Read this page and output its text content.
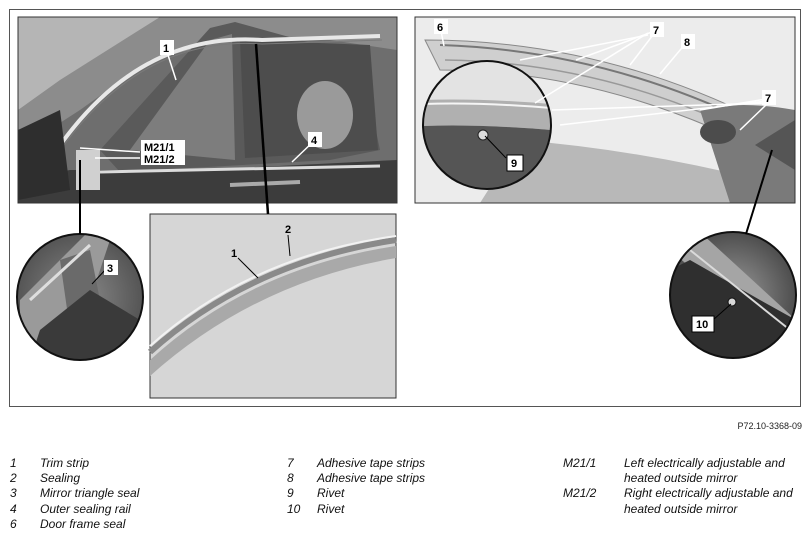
1
4
M21/1
M21/2
3
1
2
6	7
8
7
9
10
P72.10-3368-09
1	Trim strip
2	Sealing
3	Mirror triangle seal
4	Outer sealing rail
6	Door frame seal
7	Adhesive tape strips
8	Adhesive tape strips
9	Rivet
10	Rivet
M21/1	Left electrically adjustable and heated outside mirror
M21/2	Right electrically adjustable and heated outside mirror
